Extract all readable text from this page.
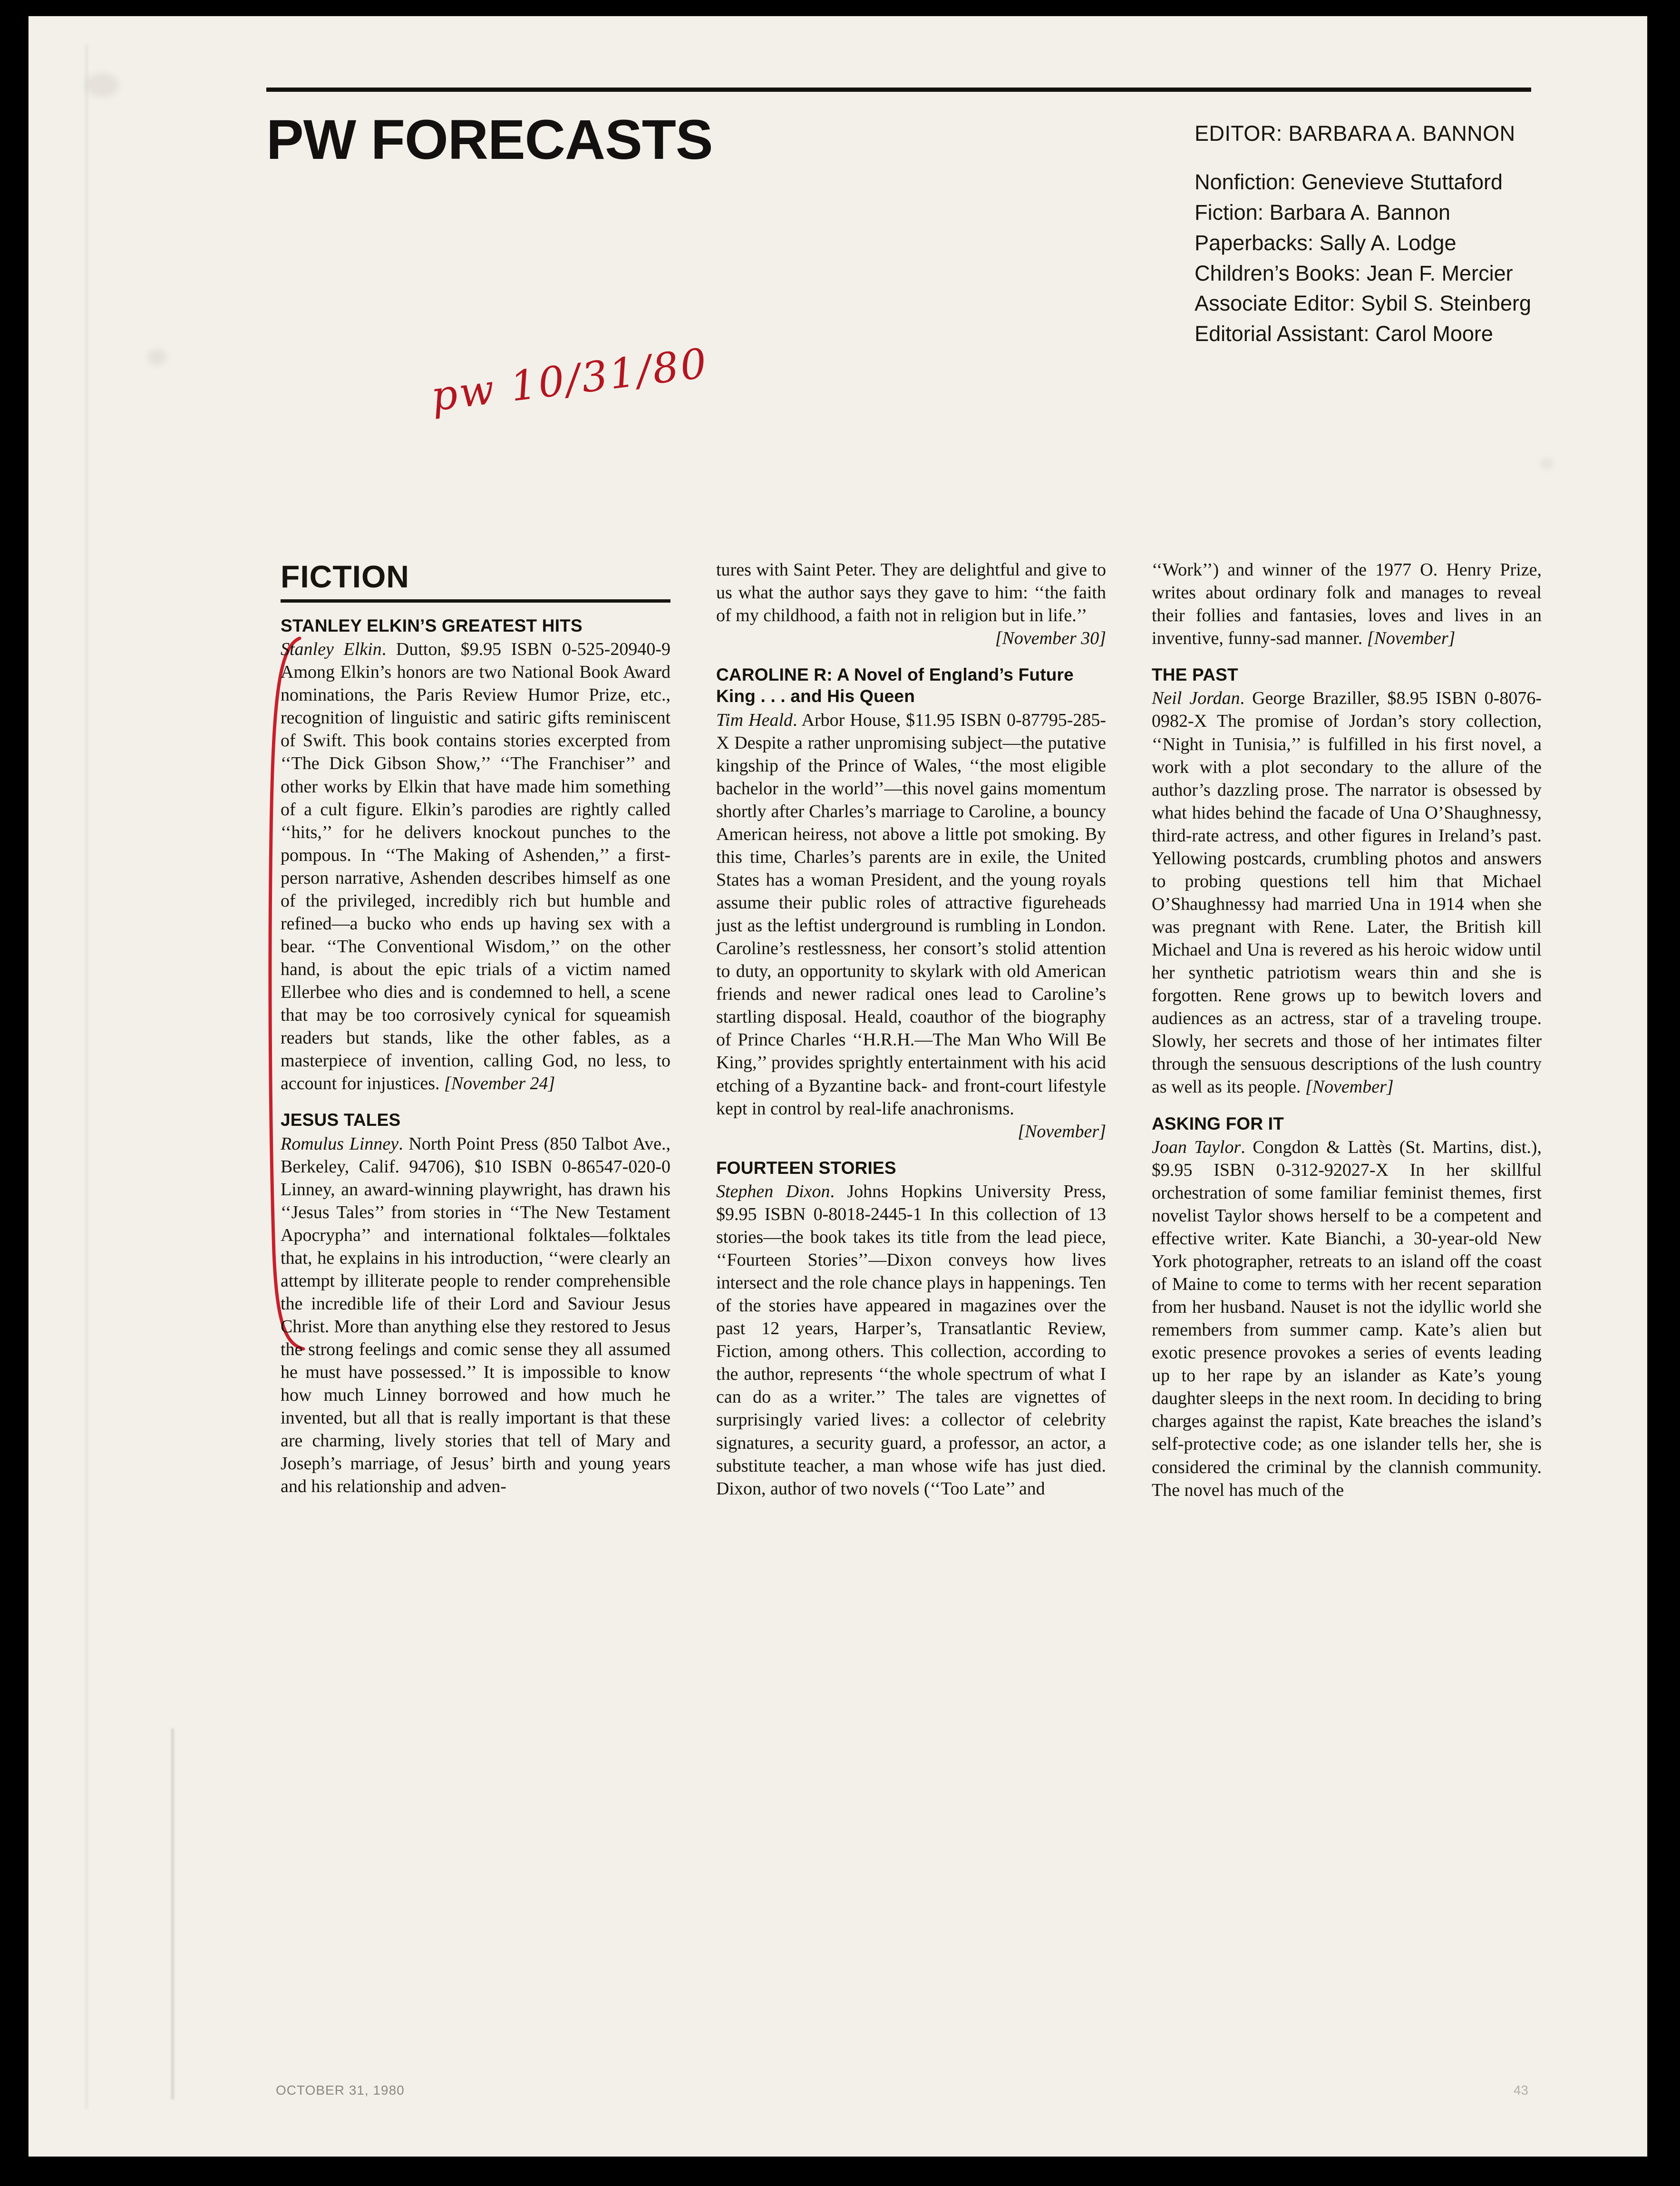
PW FORECASTS	EDITOR: BARBARA A. BANNON
Nonfiction: Genevieve Stuttaford
Fiction: Barbara A. Bannon
Paperbacks: Sally A. Lodge
Children’s Books: Jean F. Mercier
Associate Editor: Sybil S. Steinberg
Editorial Assistant: Carol Moore
pw 10/31/80
FICTION
STANLEY ELKIN’S GREATEST HITS
Stanley Elkin. Dutton, $9.95 ISBN 0-525-20940-9 Among Elkin’s honors are two National Book Award nominations, the Paris Review Humor Prize, etc., recognition of linguistic and satiric gifts reminiscent of Swift. This book contains stories excerpted from ‘‘The Dick Gibson Show,’’ ‘‘The Franchiser’’ and other works by Elkin that have made him something of a cult figure. Elkin’s parodies are rightly called ‘‘hits,’’ for he delivers knockout punches to the pompous. In ‘‘The Making of Ashenden,’’ a first-person narrative, Ashenden describes himself as one of the privileged, incredibly rich but humble and refined—a bucko who ends up having sex with a bear. ‘‘The Conventional Wisdom,’’ on the other hand, is about the epic trials of a victim named Ellerbee who dies and is condemned to hell, a scene that may be too corrosively cynical for squeamish readers but stands, like the other fables, as a masterpiece of invention, calling God, no less, to account for injustices. [November 24]
JESUS TALES
Romulus Linney. North Point Press (850 Talbot Ave., Berkeley, Calif. 94706), $10 ISBN 0-86547-020-0 Linney, an award-winning playwright, has drawn his ‘‘Jesus Tales’’ from stories in ‘‘The New Testament Apocrypha’’ and international folktales—folktales that, he explains in his introduction, ‘‘were clearly an attempt by illiterate people to render comprehensible the incredible life of their Lord and Saviour Jesus Christ. More than anything else they restored to Jesus the strong feelings and comic sense they all assumed he must have possessed.’’ It is impossible to know how much Linney borrowed and how much he invented, but all that is really important is that these are charming, lively stories that tell of Mary and Joseph’s marriage, of Jesus’ birth and young years and his relationship and adven-
tures with Saint Peter. They are delightful and give to us what the author says they gave to him: ‘‘the faith of my childhood, a faith not in religion but in life.’’
[November 30]
CAROLINE R: A Novel of England’s Future King . . . and His Queen
Tim Heald. Arbor House, $11.95 ISBN 0-87795-285-X Despite a rather unpromising subject—the putative kingship of the Prince of Wales, ‘‘the most eligible bachelor in the world’’—this novel gains momentum shortly after Charles’s marriage to Caroline, a bouncy American heiress, not above a little pot smoking. By this time, Charles’s parents are in exile, the United States has a woman President, and the young royals assume their public roles of attractive figureheads just as the leftist underground is rumbling in London. Caroline’s restlessness, her consort’s stolid attention to duty, an opportunity to skylark with old American friends and newer radical ones lead to Caroline’s startling disposal. Heald, coauthor of the biography of Prince Charles ‘‘H.R.H.—The Man Who Will Be King,’’ provides sprightly entertainment with his acid etching of a Byzantine back- and front-court lifestyle kept in control by real-life anachronisms.
[November]
FOURTEEN STORIES
Stephen Dixon. Johns Hopkins University Press, $9.95 ISBN 0-8018-2445-1 In this collection of 13 stories—the book takes its title from the lead piece, ‘‘Fourteen Stories’’—Dixon conveys how lives intersect and the role chance plays in happenings. Ten of the stories have appeared in magazines over the past 12 years, Harper’s, Transatlantic Review, Fiction, among others. This collection, according to the author, represents ‘‘the whole spectrum of what I can do as a writer.’’ The tales are vignettes of surprisingly varied lives: a collector of celebrity signatures, a security guard, a professor, an actor, a substitute teacher, a man whose wife has just died. Dixon, author of two novels (‘‘Too Late’’ and
‘‘Work’’) and winner of the 1977 O. Henry Prize, writes about ordinary folk and manages to reveal their follies and fantasies, loves and lives in an inventive, funny-sad manner. [November]
THE PAST
Neil Jordan. George Braziller, $8.95 ISBN 0-8076-0982-X The promise of Jordan’s story collection, ‘‘Night in Tunisia,’’ is fulfilled in his first novel, a work with a plot secondary to the allure of the author’s dazzling prose. The narrator is obsessed by what hides behind the facade of Una O’Shaughnessy, third-rate actress, and other figures in Ireland’s past. Yellowing postcards, crumbling photos and answers to probing questions tell him that Michael O’Shaughnessy had married Una in 1914 when she was pregnant with Rene. Later, the British kill Michael and Una is revered as his heroic widow until her synthetic patriotism wears thin and she is forgotten. Rene grows up to bewitch lovers and audiences as an actress, star of a traveling troupe. Slowly, her secrets and those of her intimates filter through the sensuous descriptions of the lush country as well as its people. [November]
ASKING FOR IT
Joan Taylor. Congdon & Lattès (St. Martins, dist.), $9.95 ISBN 0-312-92027-X In her skillful orchestration of some familiar feminist themes, first novelist Taylor shows herself to be a competent and effective writer. Kate Bianchi, a 30-year-old New York photographer, retreats to an island off the coast of Maine to come to terms with her recent separation from her husband. Nauset is not the idyllic world she remembers from summer camp. Kate’s alien but exotic presence provokes a series of events leading up to her rape by an islander as Kate’s young daughter sleeps in the next room. In deciding to bring charges against the rapist, Kate breaches the island’s self-protective code; as one islander tells her, she is considered the criminal by the clannish community. The novel has much of the
OCTOBER 31, 1980	43
